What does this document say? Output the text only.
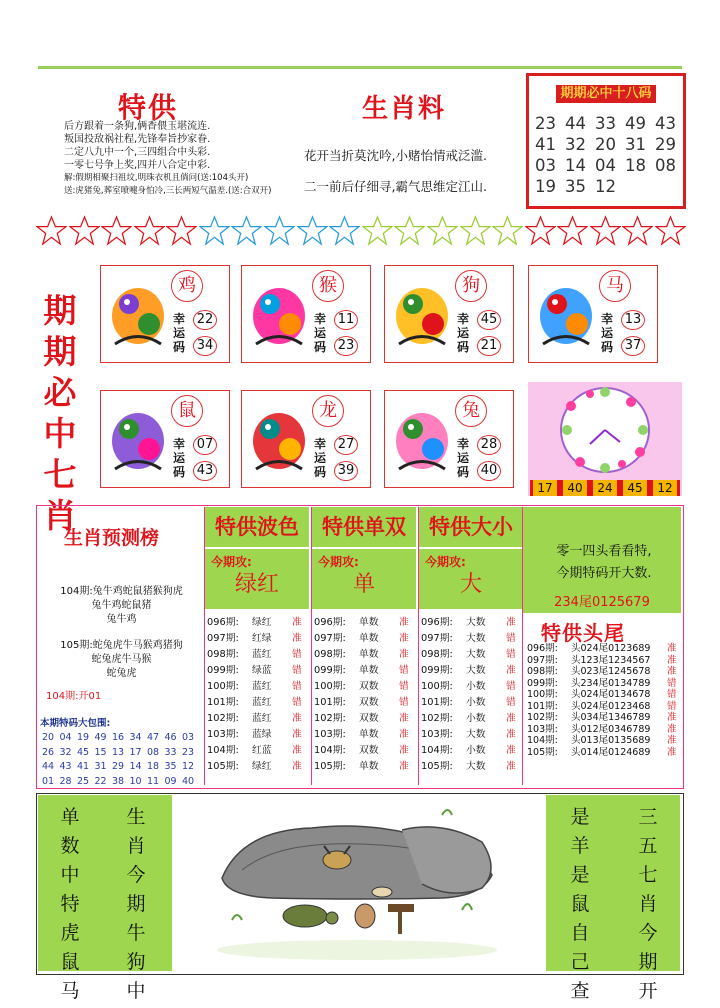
特供
后方跟着一条狗,俩香偎玉堪流连.
叛国投敌祸社程,先锋奉旨抄家眷.
二定八九中一个,三四组合中头彩.
一零七号争上奖,四并八合定中彩.
解:假期相聚扫祖坟,明珠衣机且倘问(送:104头开)
送:虎猪兔,葬室喷嚏身怕冷,三长两短气温差.(送:合双开)
生肖料
花开当折莫沈吟,小赌怡情戒泛滥.
二一前后仔细寻,霸气思维定江山.
期期必中十八码
23 44 33 49 43
41 32 20 31 29
03 14 04 18 08
19 35 12
期
期
必
中
七
肖
鸡
幸运码
22
34
猴
幸运码
11
23
狗
幸运码
45
21
马
幸运码
13
37
鼠
幸运码
07
43
龙
幸运码
27
39
兔
幸运码
28
40
17	40	24	45	12
生肖预测榜
104期:兔牛鸡蛇鼠猪猴狗虎
兔牛鸡蛇鼠猪
兔牛鸡
105期:蛇兔虎牛马猴鸡猪狗
蛇兔虎牛马猴
蛇兔虎
104期:开01
本期特码大包围:
20 04 19 49 16 34 47 46 03
26 32 45 15 13 17 08 33 23
44 43 41 31 29 14 18 35 12
01 28 25 22 38 10 11 09 40
特供波色
今期攻:
绿红
096期:	绿红	准
097期:	红绿	准
098期:	蓝红	错
099期:	绿蓝	错
100期:	蓝红	错
101期:	蓝红	错
102期:	蓝红	准
103期:	蓝绿	准
104期:	红蓝	准
105期:	绿红	准
特供单双
今期攻:
单
096期:	单数	准
097期:	单数	准
098期:	单数	准
099期:	单数	错
100期:	双数	错
101期:	双数	错
102期:	双数	准
103期:	单数	准
104期:	双数	准
105期:	单数	准
特供大小
今期攻:
大
096期:	大数	准
097期:	大数	错
098期:	大数	错
099期:	大数	准
100期:	小数	错
101期:	小数	错
102期:	小数	准
103期:	大数	准
104期:	小数	准
105期:	大数	准
零一四头看看特,
今期特码开大数.
234尾0125679
特供头尾
096期:	头024尾0123689	准
097期:	头123尾1234567	准
098期:	头023尾1245678	准
099期:	头234尾0134789	错
100期:	头024尾0134678	错
101期:	头024尾0123468	错
102期:	头034尾1346789	准
103期:	头012尾0346789	准
104期:	头013尾0135689	准
105期:	头014尾0124689	准
单
数
中
特
虎
鼠
马
生
肖
今
期
牛
狗
中
是
羊
是
鼠
自
己
查
三
五
七
肖
今
期
开
